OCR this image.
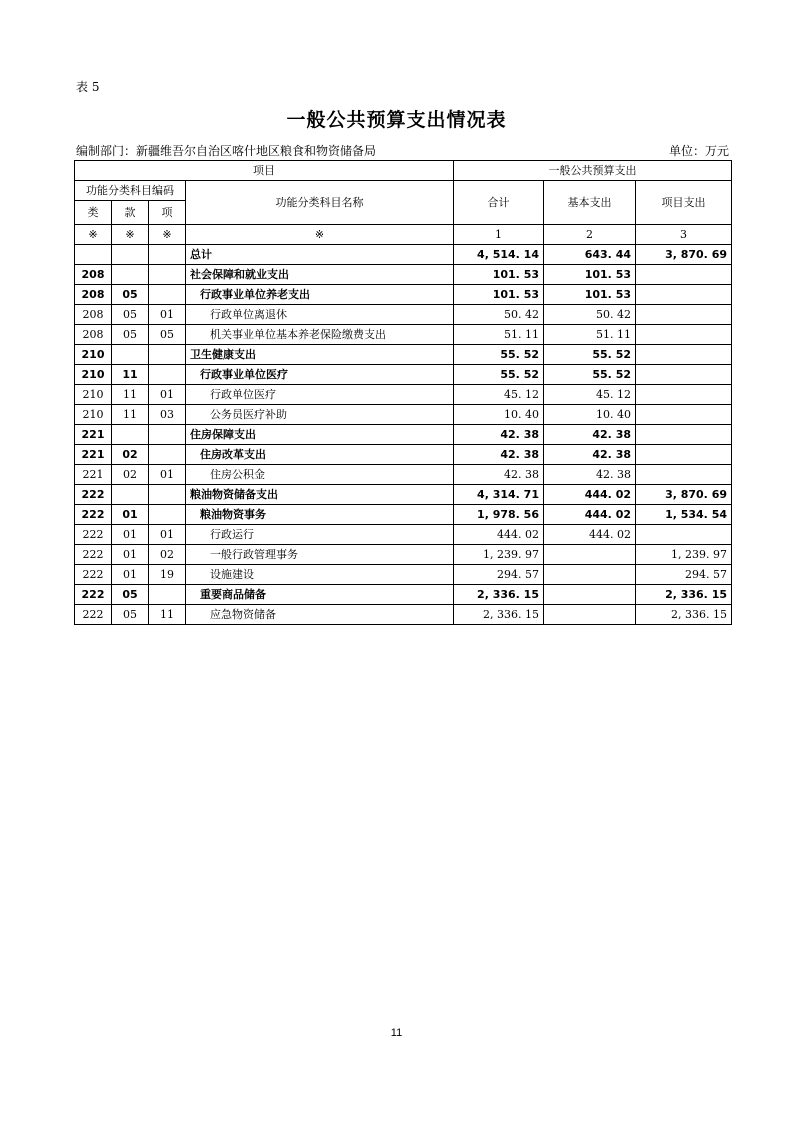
表 5
一般公共预算支出情况表
编制部门：新疆维吾尔自治区喀什地区粮食和物资储备局	单位：万元
项目				一般公共预算支出		
功能分类科目编码			功能分类科目名称	合计	基本支出	项目支出
类	款	项				
※	※	※	※	1	2	3
			总计	4, 514. 14	643. 44	3, 870. 69
208			社会保障和就业支出	101. 53	101. 53	
208	05		行政事业单位养老支出	101. 53	101. 53	
208	05	01	行政单位离退休	50. 42	50. 42	
208	05	05	机关事业单位基本养老保险缴费支出	51. 11	51. 11	
210			卫生健康支出	55. 52	55. 52	
210	11		行政事业单位医疗	55. 52	55. 52	
210	11	01	行政单位医疗	45. 12	45. 12	
210	11	03	公务员医疗补助	10. 40	10. 40	
221			住房保障支出	42. 38	42. 38	
221	02		住房改革支出	42. 38	42. 38	
221	02	01	住房公积金	42. 38	42. 38	
222			粮油物资储备支出	4, 314. 71	444. 02	3, 870. 69
222	01		粮油物资事务	1, 978. 56	444. 02	1, 534. 54
222	01	01	行政运行	444. 02	444. 02	
222	01	02	一般行政管理事务	1, 239. 97		1, 239. 97
222	01	19	设施建设	294. 57		294. 57
222	05		重要商品储备	2, 336. 15		2, 336. 15
222	05	11	应急物资储备	2, 336. 15		2, 336. 15
11
